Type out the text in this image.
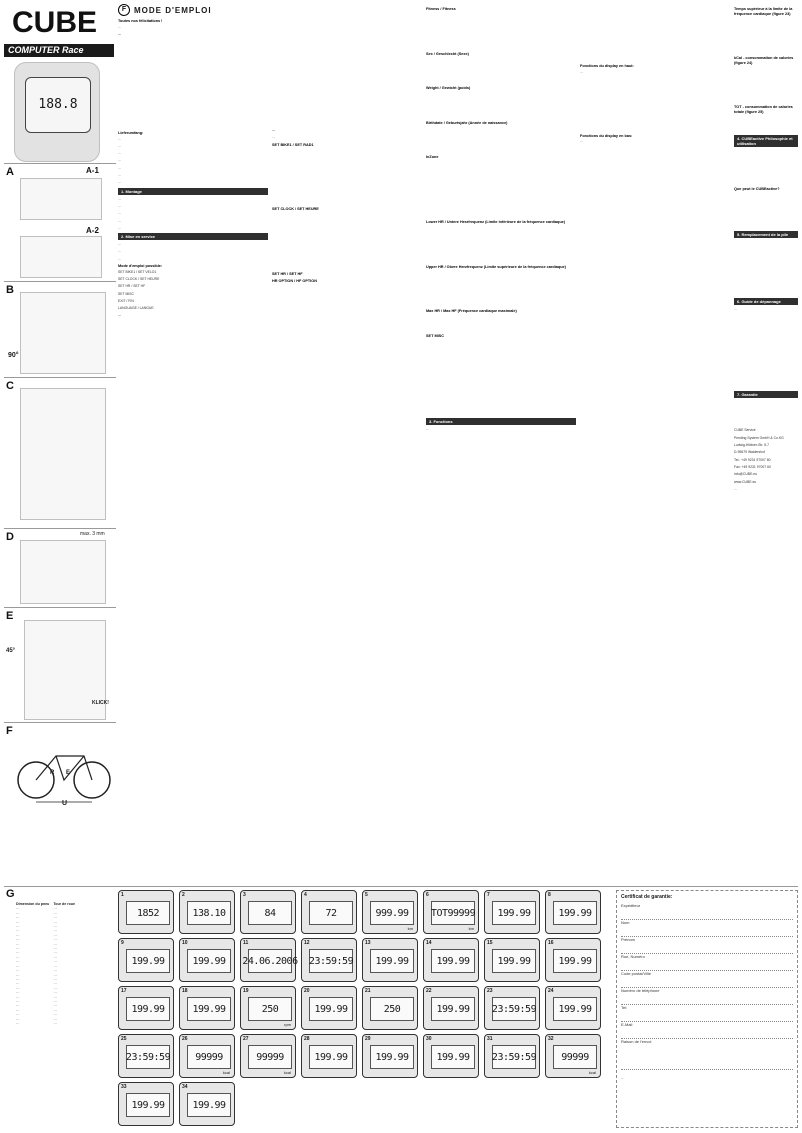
CUBE
COMPUTER Race
188.8
F MODE D'EMPLOI
Toutes nos félicitations !

…

…

Lieferumfang:

…

…

…

…

…

…

…

1. Montage

…

…

…

…

…

2. Mise en service

…

…

…

Mode d'emploi possible:

SET BIKE1 / SET VELO1

SET CLOCK / SET HEURE

SET HR / SET HF

SET MISC

EXIT / FIN

LANGUAGE / LANGUE

…

…

…

SET BIKE1 / SET RAD1
SET CLOCK / SET HEURE
SET HR / SET HF
HR OPTION / HF OPTION
Fitness / Fitness
Sex / Geschlecht (Sexe)
Weight / Gewicht (poids)
Birthdate / Geburtsjahr (Année de naissance)
InZone
Lower HR / Untere Herzfrequenz (Limite inférieure de la fréquence cardiaque)
Upper HR / Obere Herzfrequenz (Limite supérieure de la fréquence cardiaque)
Max HR / Max HF (Fréquence cardiaque maximale)
SET MISC
3. Fonctions

…

Fonctions du display en haut:

…

Fonctions du display en bas:

…

Temps supérieur à la limite de la fréquence cardiaque (figure 23)
kCal - consommation de calories (figure 24)
TOT - consommation de calories totale (figure 25)
4. CUBEactive Philosophie et utilisation
Que peut le CUBEactive?
5. Remplacement de la pile
6. Guide de dépannage

…

7. Garantie

CUBE Service

Pending System GmbH & Co.KG

Ludwig-Hüttner-Str. 5-7

D-95679 Waldershof

Tel.: +49 9231 97007 80

Fax: +49 9231 97007 60

info@CUBE.eu

www.CUBE.eu

…

A	A-1
A-2
B
90°
C
D	max. 3 mm
E
45°
KLICK!
F
U
R E
G
Dimension du pneu	Tour de roue
…	…
…	…
…	…
…	…
…	…
…	…
…	…
…	…
…	…
…	…
…	…
…	…
…	…
…	…
…	…
…	…
…	…
…	…
…	…
…	…
…	…
…	…
…	…
…	…
…	…
…	…
…	…
1
1852
2
138.10
3
84
4
72
5
999.99
km
6
TOT99999
km
7
199.99
8
199.99
9
199.99
10
199.99
11
24.06.2006
12
23:59:59
13
199.99
14
199.99
15
199.99
16
199.99
17
199.99
18
199.99
19
250
rpm
20
199.99
21
250
22
199.99
23
23:59:59
24
199.99
25
23:59:59
26
99999
kcal
27
99999
kcal
28
199.99
29
199.99
30
199.99
31
23:59:59
32
99999
kcal
33
199.99
34
199.99
Certificat de garantie:
Expéditeur
Nom
Prénom
Rue, Numéro
Code postal/Ville
Numéro de téléphone
Tel:
E-Mail
Raison de l'envoi
…
